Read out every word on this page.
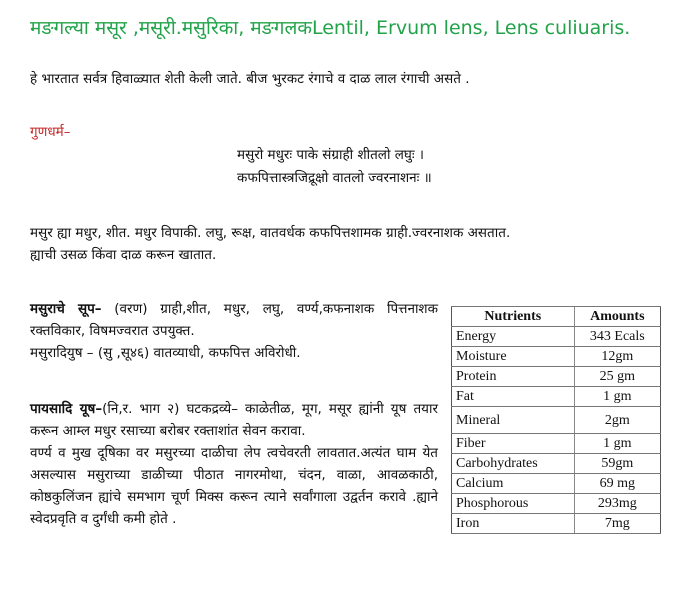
मङगल्या मसूर ,मसूरी.मसुरिका, मङगलकLentil, Ervum lens, Lens culiuaris.
हे भारतात सर्वत्र हिवाळ्यात शेती केली जाते. बीज भुरकट रंगाचे व दाळ लाल रंगाची असते .
गुणधर्म–
मसुरो मधुरः पाके संग्राही शीतलो लघुः ।
कफपित्तास्त्रजिद्रूक्षो वातलो ज्वरनाशनः ॥
मसुर ह्या मधुर, शीत. मधुर विपाकी. लघु, रूक्ष, वातवर्धक कफपित्तशामक ग्राही.ज्वरनाशक असतात.
ह्याची उसळ किंवा दाळ करून खातात.

मसुराचे सूप– (वरण) ग्राही,शीत, मधुर, लघु, वर्ण्य,कफनाशक पित्तनाशक रक्तविकार, विषमज्वरात उपयुक्त.

मसुरादियुष – (सु ,सू४६) वातव्याधी, कफपित्त अविरोधी.

पायसादि यूष–(नि,र. भाग २) घटकद्रव्ये– काळेतीळ, मूग, मसूर ह्यांनी यूष तयार करून आम्ल मधुर रसाच्या बरोबर रक्ताशांत सेवन करावा.

वर्ण्य व मुख दूषिका वर मसुरच्या दाळीचा लेप त्वचेवरती लावतात.अत्यंत घाम येत असल्यास मसुराच्या डाळीच्या पीठात नागरमोथा, चंदन, वाळा, आवळकाठी, कोष्ठकुलिंजन ह्यांचे समभाग चूर्ण मिक्स करून त्याने सर्वांगाला उद्वर्तन करावे .ह्याने स्वेदप्रवृति व दुर्गंधी कमी होते .

Nutrients	Amounts
Energy	343 Ecals
Moisture	12gm
Protein	25 gm
Fat	1 gm
Mineral	2gm
Fiber	1 gm
Carbohydrates	59gm
Calcium	69 mg
Phosphorous	293mg
Iron	7mg
